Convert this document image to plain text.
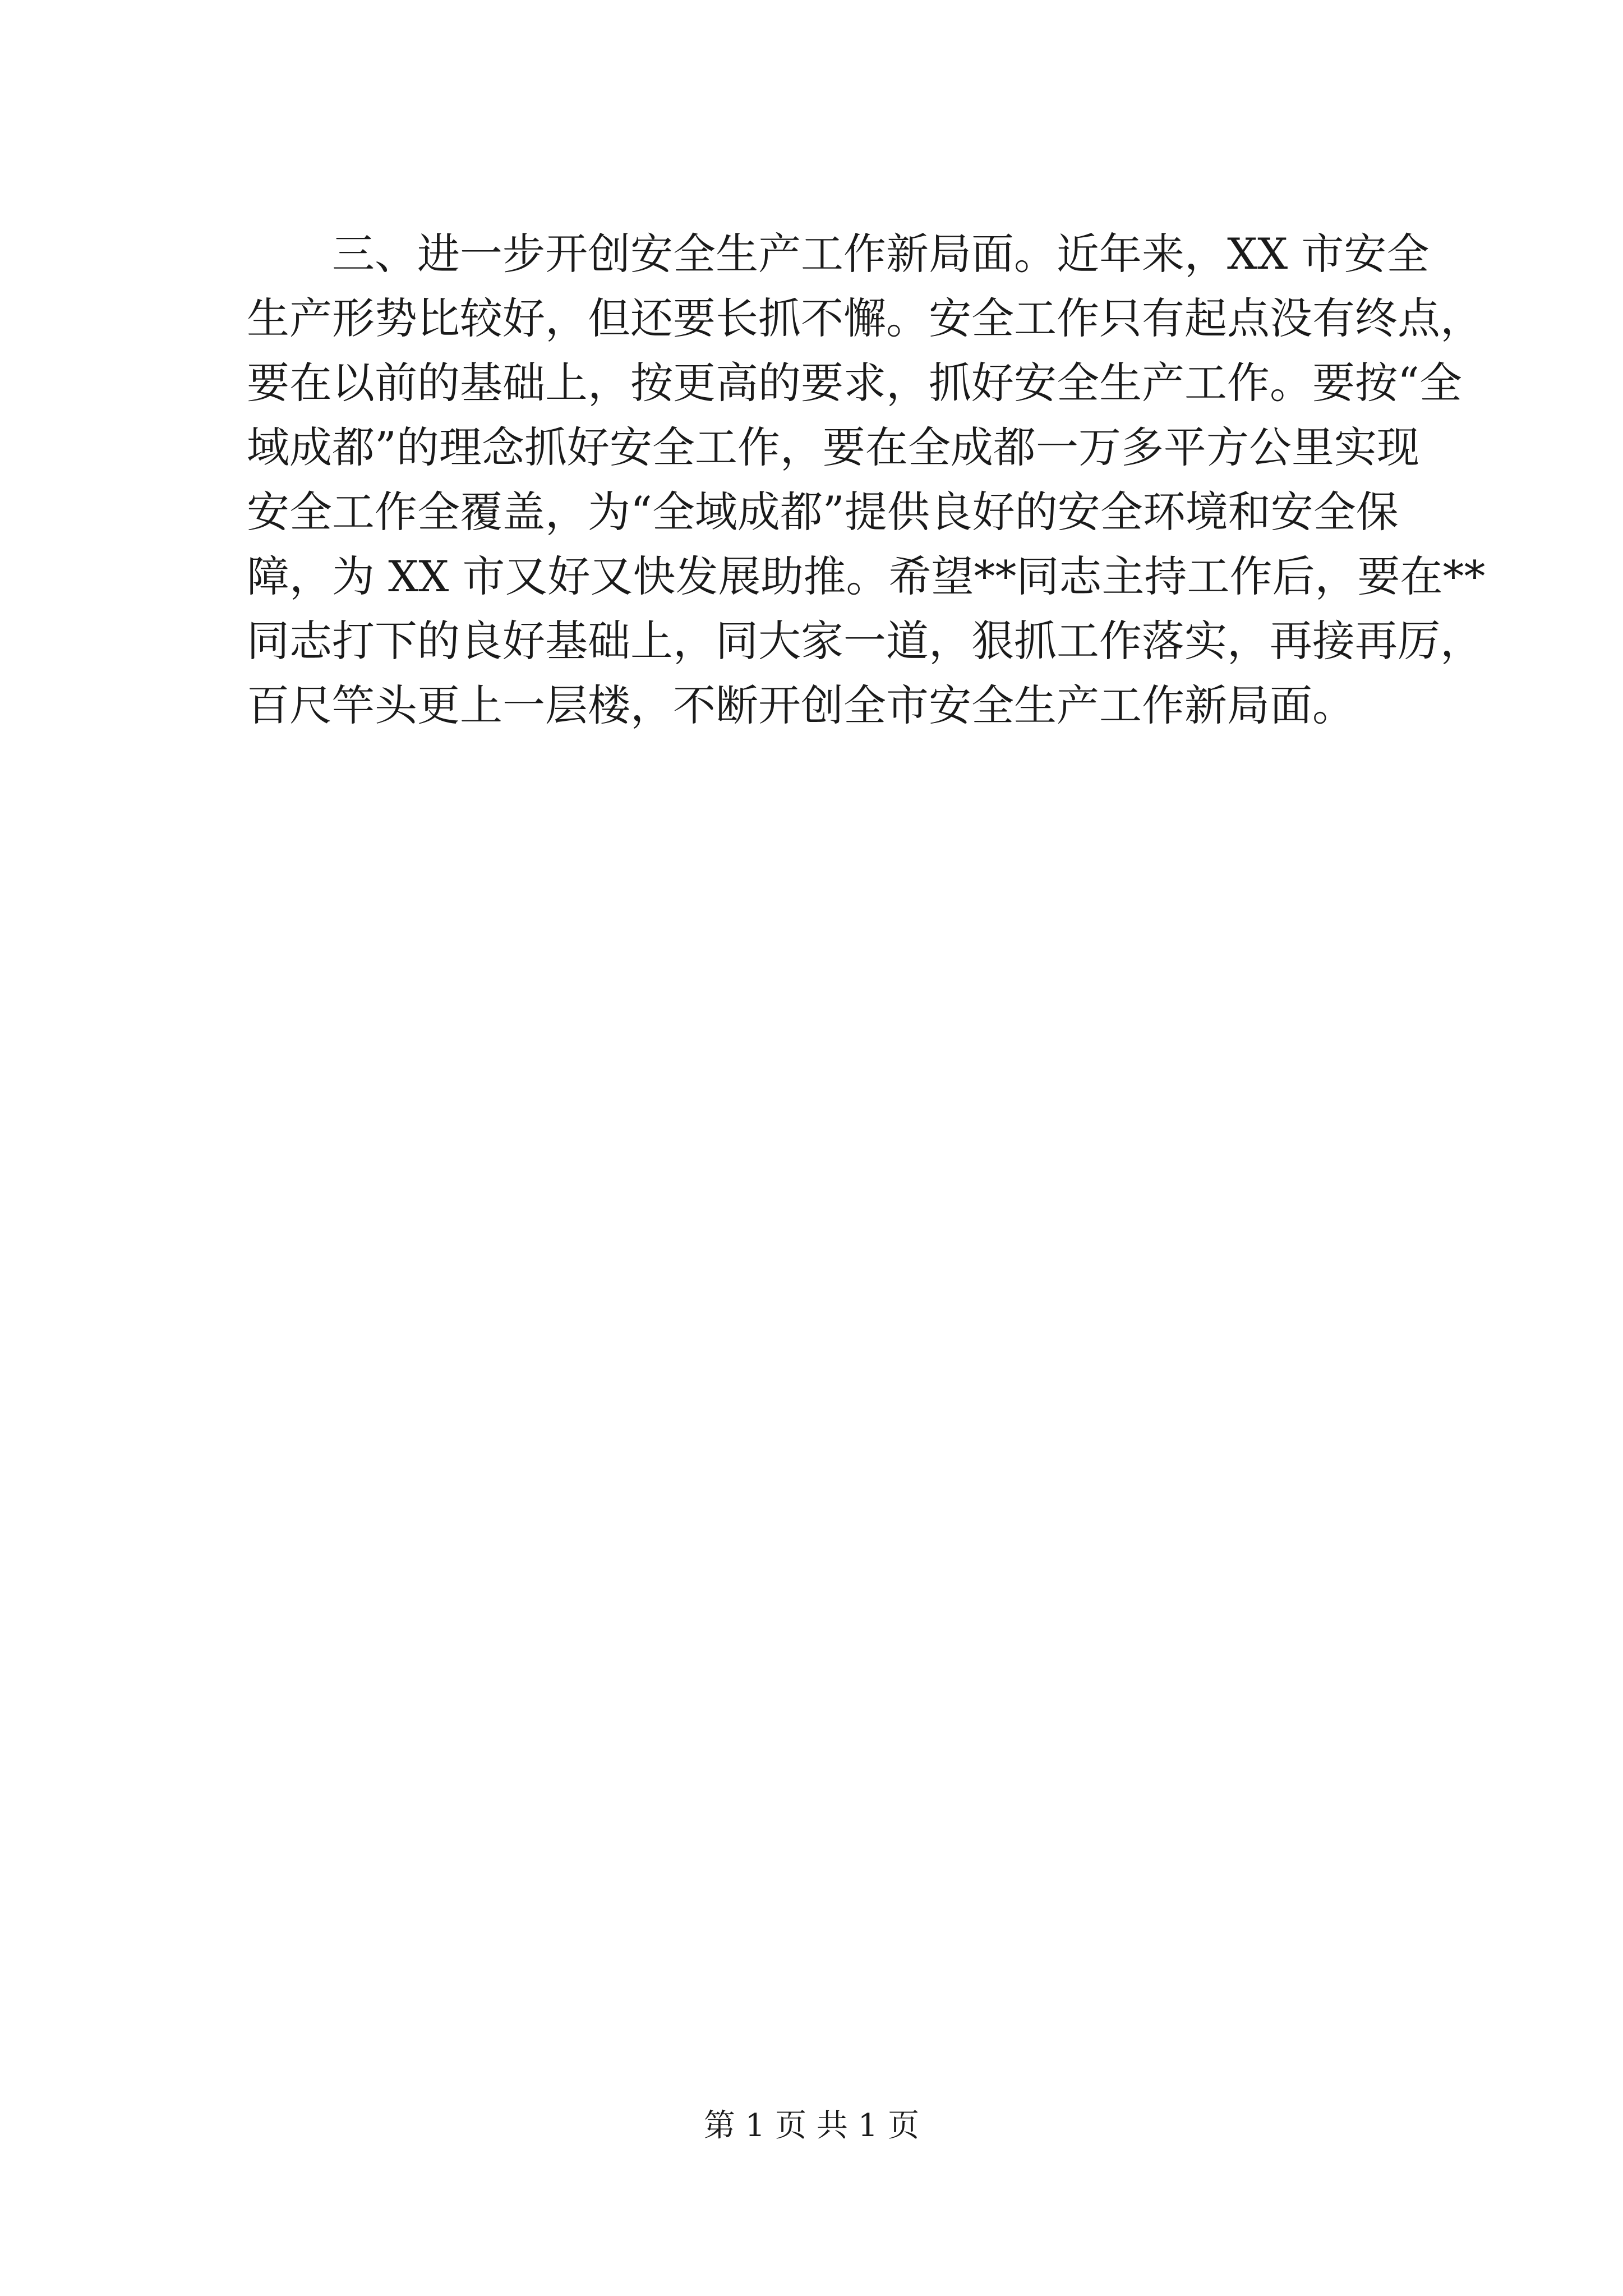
三、进一步开创安全生产工作新局面。近年来，XX 市安全
生产形势比较好，但还要长抓不懈。安全工作只有起点没有终点，
要在以前的基础上，按更高的要求，抓好安全生产工作。要按“全
域成都”的理念抓好安全工作，要在全成都一万多平方公里实现
安全工作全覆盖，为“全域成都”提供良好的安全环境和安全保
障，为 XX 市又好又快发展助推。希望**同志主持工作后，要在**
同志打下的良好基础上，同大家一道，狠抓工作落实，再接再厉，
百尺竿头更上一层楼，不断开创全市安全生产工作新局面。

第 1 页 共 1 页
